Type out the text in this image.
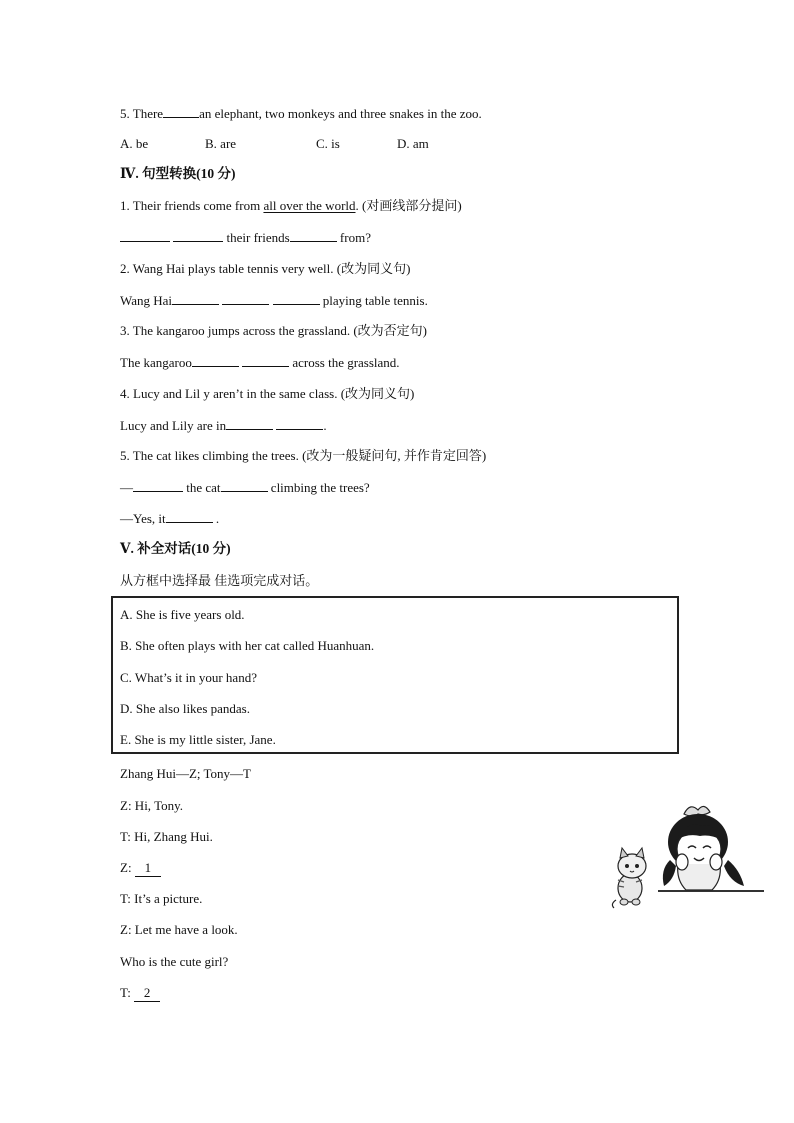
5. There	an elephant, two monkeys and three snakes in the zoo.
A. be	B. are	C. is	D. am
Ⅳ. 句型转换(10 分)
1. Their friends come from all over the world. (对画线部分提问)
their friends	from?
2. Wang Hai plays table tennis very well. (改为同义句)
Wang Hai	playing table tennis.
3. The kangaroo jumps across the grassland. (改为否定句)
The kangaroo	across the grassland.
4. Lucy and Lil y aren’t in the same class. (改为同义句)
Lucy and Lily are in	.
5. The cat likes climbing the trees. (改为一般疑问句, 并作肯定回答)
—	the cat	climbing the trees?
—Yes, it	.
Ⅴ. 补全对话(10 分)
从方框中选择最 佳选项完成对话。
A. She is five years old.
B. She often plays with her cat called Huanhuan.
C. What’s it in your hand?
D. She also likes pandas.
E. She is my little sister, Jane.
Zhang Hui—Z; Tony—T
Z: Hi, Tony.
T: Hi, Zhang Hui.
Z: 1
T: It’s a picture.
Z: Let me have a look.
Who is the cute girl?
T: 2
